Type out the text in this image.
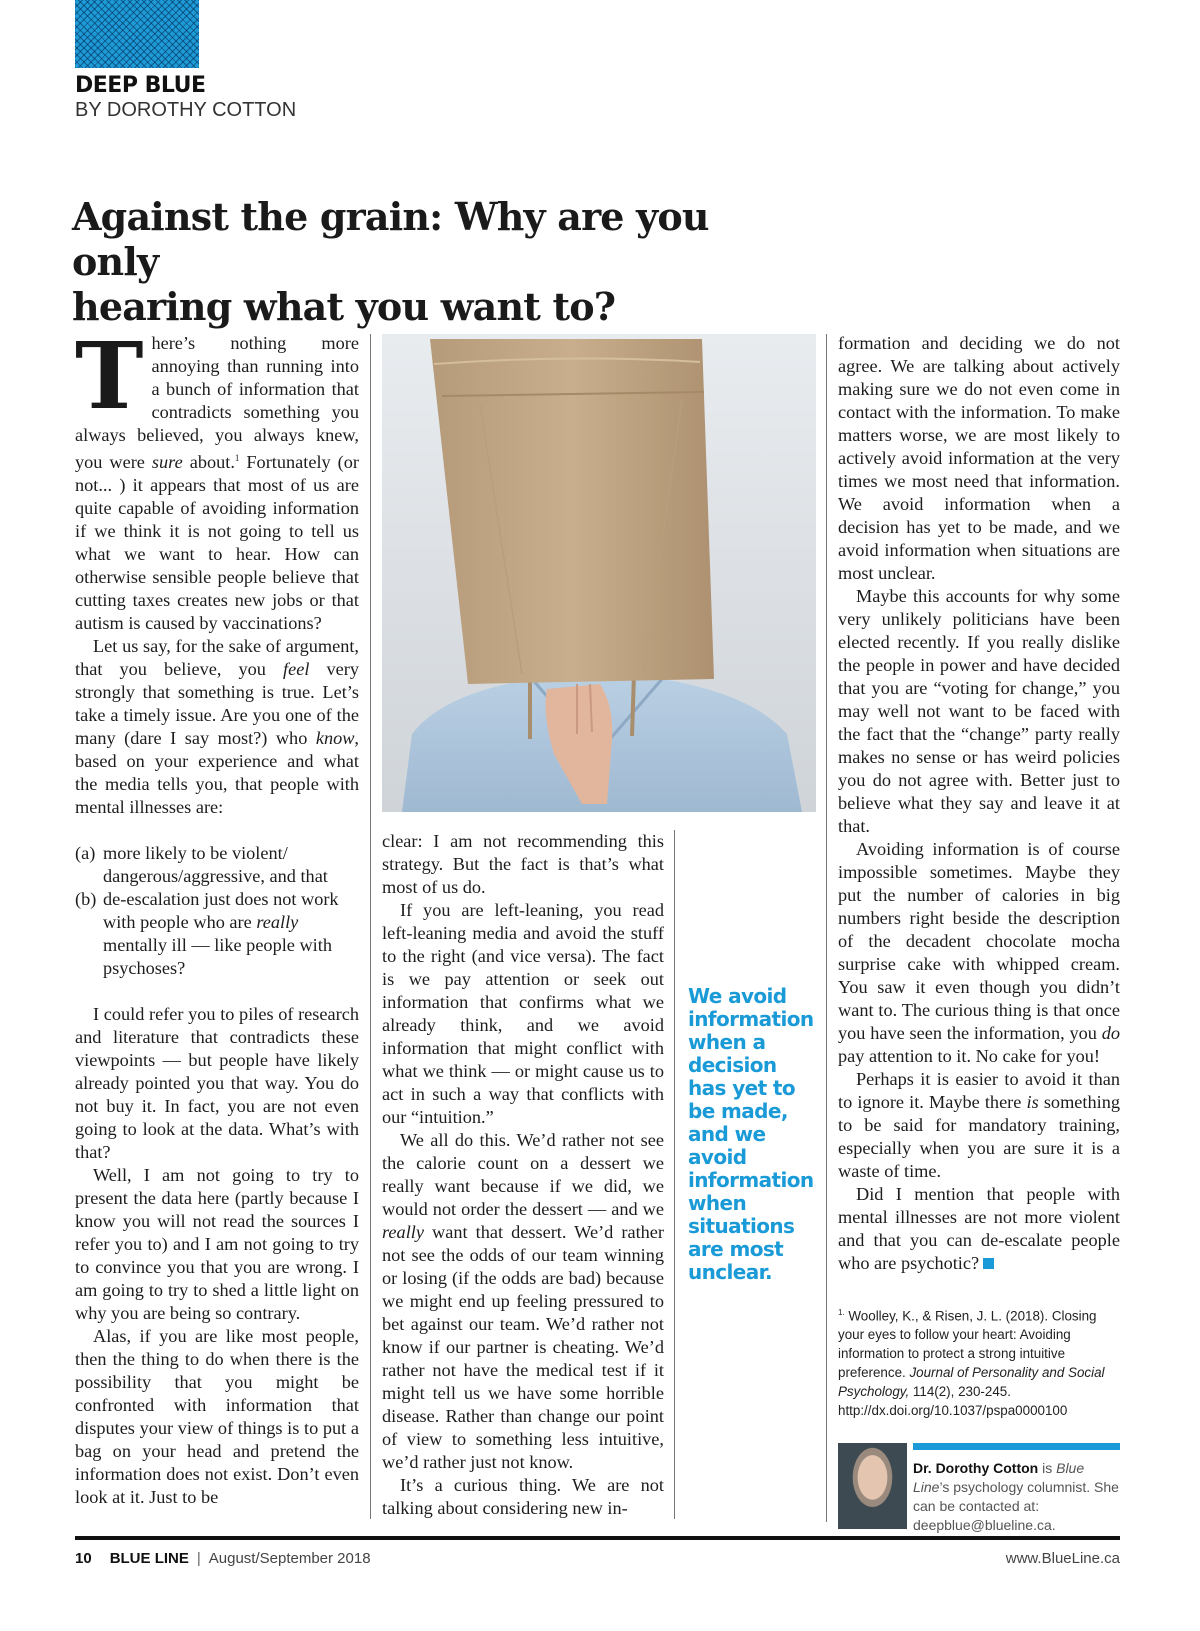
DEEP BLUE
BY DOROTHY COTTON
Against the grain: Why are you only
hearing what you want to?

There’s nothing more annoying than running into a bunch of information that contradicts something you always believed, you always knew, you were sure about.$^1$ Fortunately (or not... ) it appears that most of us are quite capable of avoiding information if we think it is not going to tell us what we want to hear. How can otherwise sensible people believe that cutting taxes creates new jobs or that autism is caused by vaccinations?

Let us say, for the sake of argument, that you believe, you feel very strongly that something is true. Let’s take a timely issue. Are you one of the many (dare I say most?) who know, based on your experience and what the media tells you, that people with mental illnesses are:

(a) more likely to be violent/ dangerous/aggressive, and that
(b) de-escalation just does not work with people who are really mentally ill — like people with psychoses?

I could refer you to piles of research and literature that contradicts these viewpoints — but people have likely already pointed you that way. You do not buy it. In fact, you are not even going to look at the data. What’s with that?

Well, I am not going to try to present the data here (partly because I know you will not read the sources I refer you to) and I am not going to try to convince you that you are wrong. I am going to try to shed a little light on why you are being so contrary.

Alas, if you are like most people, then the thing to do when there is the possibility that you might be confronted with information that disputes your view of things is to put a bag on your head and pretend the information does not exist. Don’t even look at it. Just to be

clear: I am not recommending this strategy. But the fact is that’s what most of us do.

If you are left-leaning, you read left-leaning media and avoid the stuff to the right (and vice versa). The fact is we pay attention or seek out information that confirms what we already think, and we avoid information that might conflict with what we think — or might cause us to act in such a way that conflicts with our “intuition.”

We all do this. We’d rather not see the calorie count on a dessert we really want because if we did, we would not order the dessert — and we really want that dessert. We’d rather not see the odds of our team winning or losing (if the odds are bad) because we might end up feeling pressured to bet against our team. We’d rather not know if our partner is cheating. We’d rather not have the medical test if it might tell us we have some horrible disease. Rather than change our point of view to something less intuitive, we’d rather just not know.

It’s a curious thing. We are not talking about considering new in-

We avoid information when a decision has yet to be made, and we avoid information when situations are most unclear.

formation and deciding we do not agree. We are talking about actively making sure we do not even come in contact with the information. To make matters worse, we are most likely to actively avoid information at the very times we most need that information. We avoid information when a decision has yet to be made, and we avoid information when situations are most unclear.

Maybe this accounts for why some very unlikely politicians have been elected recently. If you really dislike the people in power and have decided that you are “voting for change,” you may well not want to be faced with the fact that the “change” party really makes no sense or has weird policies you do not agree with. Better just to believe what they say and leave it at that.

Avoiding information is of course impossible sometimes. Maybe they put the number of calories in big numbers right beside the description of the decadent chocolate mocha surprise cake with whipped cream. You saw it even though you didn’t want to. The curious thing is that once you have seen the information, you do pay attention to it. No cake for you!

Perhaps it is easier to avoid it than to ignore it. Maybe there is something to be said for mandatory training, especially when you are sure it is a waste of time.

Did I mention that people with mental illnesses are not more violent and that you can de-escalate people who are psychotic?

$^{1.}$ Woolley, K., & Risen, J. L. (2018). Closing your eyes to follow your heart: Avoiding information to protect a strong intuitive preference. Journal of Personality and Social Psychology, 114(2), 230-245. http://dx.doi.org/10.1037/pspa0000100
Dr. Dorothy Cotton is Blue Line’s psychology columnist. She can be contacted at: deepblue@blueline.ca.
10 BLUE LINE | August/September 2018	www.BlueLine.ca
